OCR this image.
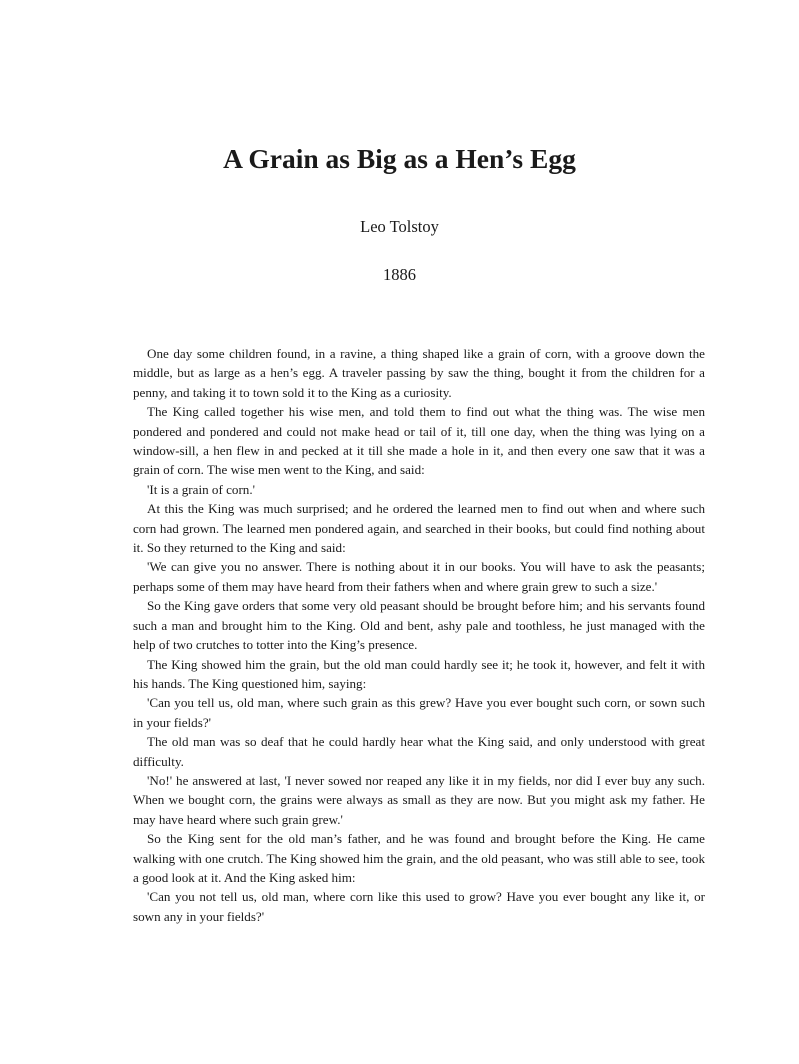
A Grain as Big as a Hen’s Egg
Leo Tolstoy
1886

One day some children found, in a ravine, a thing shaped like a grain of corn, with a groove down the middle, but as large as a hen’s egg. A traveler passing by saw the thing, bought it from the children for a penny, and taking it to town sold it to the King as a curiosity.

The King called together his wise men, and told them to find out what the thing was. The wise men pondered and pondered and could not make head or tail of it, till one day, when the thing was lying on a window-sill, a hen flew in and pecked at it till she made a hole in it, and then every one saw that it was a grain of corn. The wise men went to the King, and said:

'It is a grain of corn.'

At this the King was much surprised; and he ordered the learned men to find out when and where such corn had grown. The learned men pondered again, and searched in their books, but could find nothing about it. So they returned to the King and said:

'We can give you no answer. There is nothing about it in our books. You will have to ask the peasants; perhaps some of them may have heard from their fathers when and where grain grew to such a size.'

So the King gave orders that some very old peasant should be brought before him; and his servants found such a man and brought him to the King. Old and bent, ashy pale and toothless, he just managed with the help of two crutches to totter into the King’s presence.

The King showed him the grain, but the old man could hardly see it; he took it, however, and felt it with his hands. The King questioned him, saying:

'Can you tell us, old man, where such grain as this grew? Have you ever bought such corn, or sown such in your fields?'

The old man was so deaf that he could hardly hear what the King said, and only understood with great difficulty.

'No!' he answered at last, 'I never sowed nor reaped any like it in my fields, nor did I ever buy any such. When we bought corn, the grains were always as small as they are now. But you might ask my father. He may have heard where such grain grew.'

So the King sent for the old man’s father, and he was found and brought before the King. He came walking with one crutch. The King showed him the grain, and the old peasant, who was still able to see, took a good look at it. And the King asked him:

'Can you not tell us, old man, where corn like this used to grow? Have you ever bought any like it, or sown any in your fields?'
